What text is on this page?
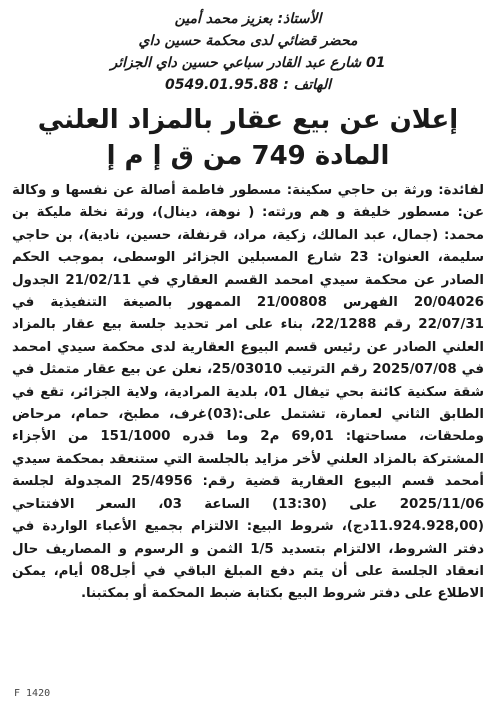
الأستاذ: بعزيز محمد أمين
محضر قضائي لدى محكمة حسين داي
01 شارع عبد القادر سباعي حسين داي الجزائر
الهاتف : 0549.01.95.88
إعلان عن بيع عقار بالمزاد العلني
المادة 749 من ق إ م إ
لفائدة: ورثة بن حاجي سكينة: مسطور فاطمة أصالة عن نفسها و وكالة عن: مسطور خليفة و هم ورثته: ( نوهة، دينال)، ورثة نخلة مليكة بن محمد: (جمال، عبد المالك، زكية، مراد، قرنفلة، حسين، نادية)، بن حاجي سليمة، العنوان: 23 شارع المسبلين الجزائر الوسطى، بموجب الحكم الصادر عن محكمة سيدي امحمد القسم العقاري في 21/02/11 الجدول 20/04026 الفهرس 21/00808 الممهور بالصيغة التنفيذية في 22/07/31 رقم 22/1288، بناء على امر تحديد جلسة بيع عقار بالمزاد العلني الصادر عن رئيس قسم البيوع العقارية لدى محكمة سيدي امحمد في 2025/07/08 رقم الترتيب 25/03010، نعلن عن بيع عقار متمثل في شقة سكنية كائنة بحي تيفال 01، بلدية المرادية، ولاية الجزائر، تقع في الطابق الثاني لعمارة، تشتمل على:(03)غرف، مطبخ، حمام، مرحاض وملحقات، مساحتها: 69,01 م2 وما قدره 151/1000 من الأجزاء المشتركة بالمزاد العلني لأخر مزايد بالجلسة التي ستنعقد بمحكمة سيدي أمحمد قسم البيوع العقارية قضية رقم: 25/4956 المجدولة لجلسة 2025/11/06 على (13:30) الساعة 03، السعر الافتتاحي (11.924.928,00دج)، شروط البيع: الالتزام بجميع الأعباء الواردة في دفتر الشروط، الالتزام بتسديد 1/5 الثمن و الرسوم و المصاريف حال انعقاد الجلسة على أن يتم دفع المبلغ الباقي في أجل08 أيام، يمكن الاطلاع على دفتر شروط البيع بكتابة ضبط المحكمة أو بمكتبنا.
F 1420
